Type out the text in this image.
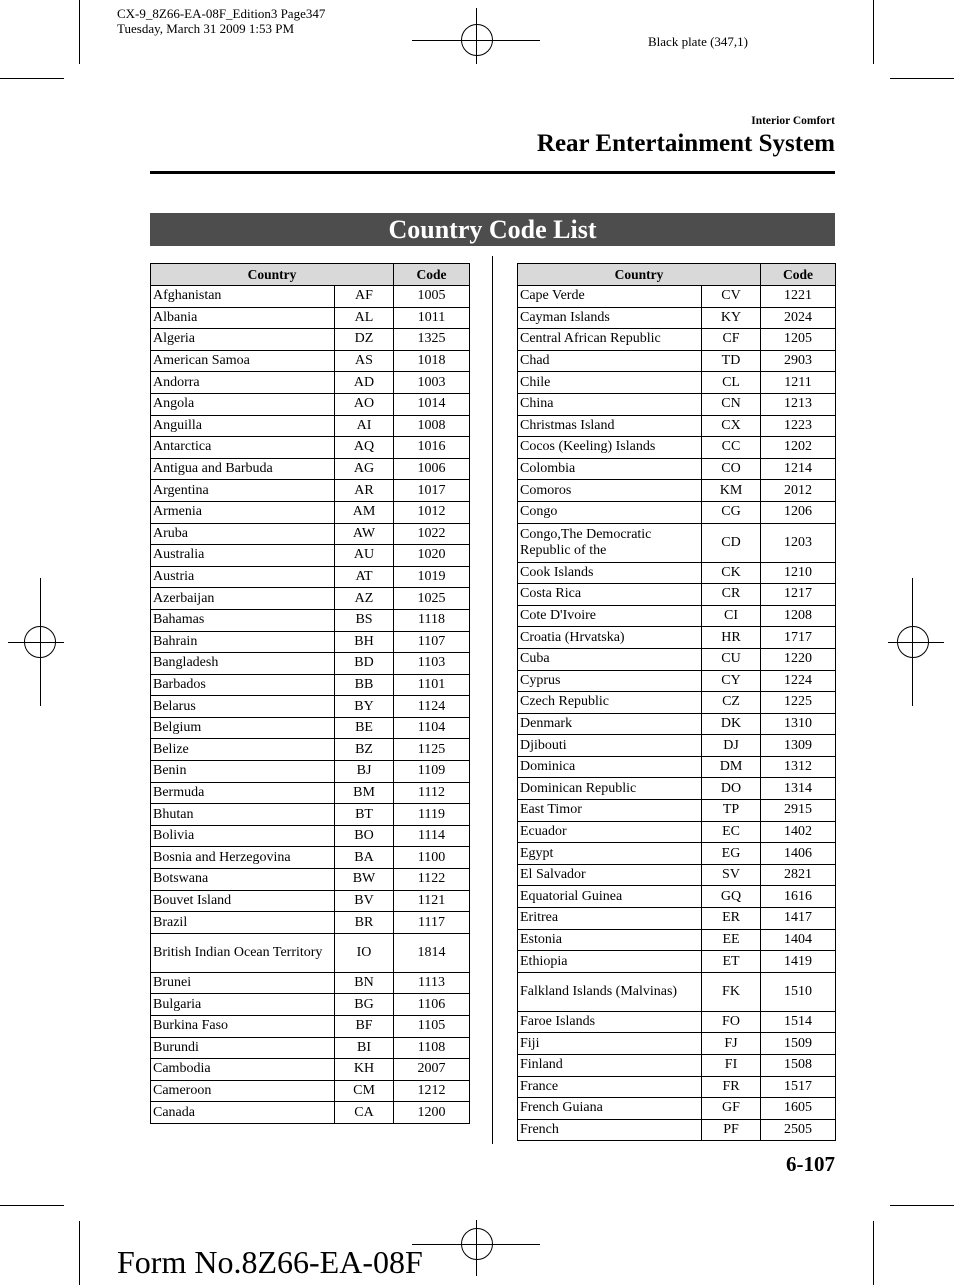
CX-9_8Z66-EA-08F_Edition3 Page347
Tuesday, March 31 2009 1:53 PM
Black plate (347,1)
Interior Comfort
Rear Entertainment System
Country Code List
Country		Code
Afghanistan	AF	1005
Albania	AL	1011
Algeria	DZ	1325
American Samoa	AS	1018
Andorra	AD	1003
Angola	AO	1014
Anguilla	AI	1008
Antarctica	AQ	1016
Antigua and Barbuda	AG	1006
Argentina	AR	1017
Armenia	AM	1012
Aruba	AW	1022
Australia	AU	1020
Austria	AT	1019
Azerbaijan	AZ	1025
Bahamas	BS	1118
Bahrain	BH	1107
Bangladesh	BD	1103
Barbados	BB	1101
Belarus	BY	1124
Belgium	BE	1104
Belize	BZ	1125
Benin	BJ	1109
Bermuda	BM	1112
Bhutan	BT	1119
Bolivia	BO	1114
Bosnia and Herzegovina	BA	1100
Botswana	BW	1122
Bouvet Island	BV	1121
Brazil	BR	1117
British Indian Ocean Territory	IO	1814
Brunei	BN	1113
Bulgaria	BG	1106
Burkina Faso	BF	1105
Burundi	BI	1108
Cambodia	KH	2007
Cameroon	CM	1212
Canada	CA	1200
Country		Code
Cape Verde	CV	1221
Cayman Islands	KY	2024
Central African Republic	CF	1205
Chad	TD	2903
Chile	CL	1211
China	CN	1213
Christmas Island	CX	1223
Cocos (Keeling) Islands	CC	1202
Colombia	CO	1214
Comoros	KM	2012
Congo	CG	1206
Congo,The Democratic Republic of the	CD	1203
Cook Islands	CK	1210
Costa Rica	CR	1217
Cote D'Ivoire	CI	1208
Croatia (Hrvatska)	HR	1717
Cuba	CU	1220
Cyprus	CY	1224
Czech Republic	CZ	1225
Denmark	DK	1310
Djibouti	DJ	1309
Dominica	DM	1312
Dominican Republic	DO	1314
East Timor	TP	2915
Ecuador	EC	1402
Egypt	EG	1406
El Salvador	SV	2821
Equatorial Guinea	GQ	1616
Eritrea	ER	1417
Estonia	EE	1404
Ethiopia	ET	1419
Falkland Islands (Malvinas)	FK	1510
Faroe Islands	FO	1514
Fiji	FJ	1509
Finland	FI	1508
France	FR	1517
French Guiana	GF	1605
French	PF	2505
6-107
Form No.8Z66-EA-08F
